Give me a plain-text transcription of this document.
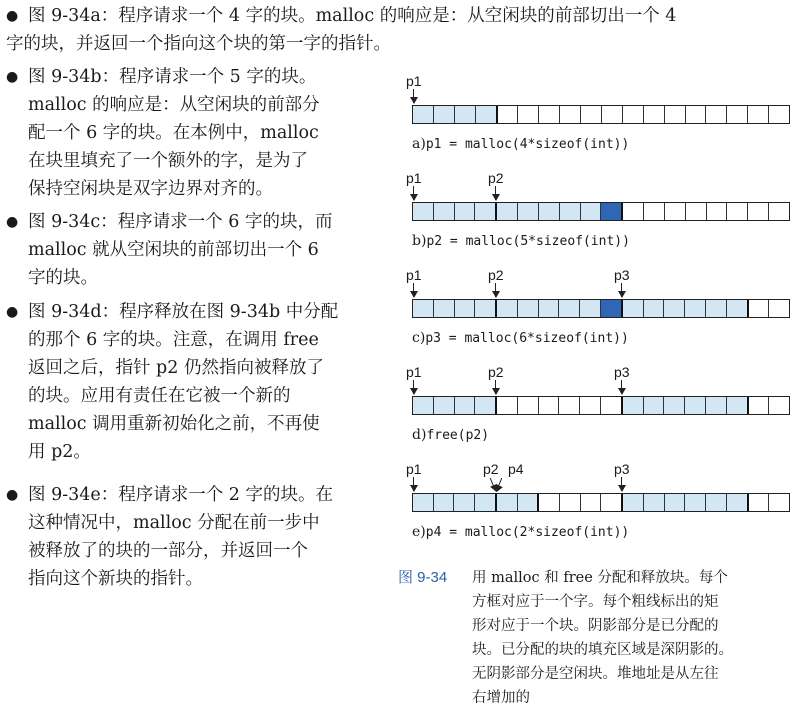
● 图 9-34a：程序请求一个 4 字的块。malloc 的响应是：从空闲块的前部切出一个 4
字的块，并返回一个指向这个块的第一字的指针。
● 图 9-34b：程序请求一个 5 字的块。
malloc 的响应是：从空闲块的前部分
配一个 6 字的块。在本例中，malloc
在块里填充了一个额外的字，是为了
保持空闲块是双字边界对齐的。
● 图 9-34c：程序请求一个 6 字的块，而
malloc 就从空闲块的前部切出一个 6
字的块。
● 图 9-34d：程序释放在图 9-34b 中分配
的那个 6 字的块。注意，在调用 free
返回之后，指针 p2 仍然指向被释放了
的块。应用有责任在它被一个新的
malloc 调用重新初始化之前，不再使
用 p2。
● 图 9-34e：程序请求一个 2 字的块。在
这种情况中，malloc 分配在前一步中
被释放了的块的一部分，并返回一个
指向这个新块的指针。
p1
a)p1 = malloc(4*sizeof(int))
p1	p2
b)p2 = malloc(5*sizeof(int))
p1	p2	p3
c)p3 = malloc(6*sizeof(int))
p1	p2	p3
d)free(p2)
p1	p2 p4	p3
e)p4 = malloc(2*sizeof(int))
图 9-34 用 malloc 和 free 分配和释放块。每个
方框对应于一个字。每个粗线标出的矩
形对应于一个块。阴影部分是已分配的
块。已分配的块的填充区域是深阴影的。
无阴影部分是空闲块。堆地址是从左往
右增加的
